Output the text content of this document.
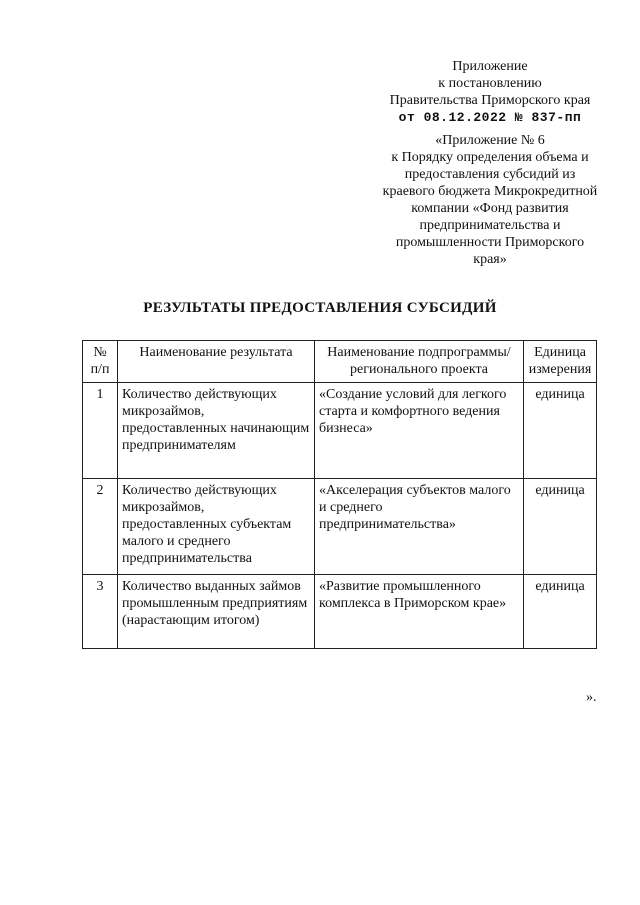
Приложение
к постановлению
Правительства Приморского края
от 08.12.2022 № 837-пп
«Приложение № 6
к Порядку определения объема и
предоставления субсидий из
краевого бюджета Микрокредитной
компании «Фонд развития
предпринимательства и
промышленности Приморского
края»
РЕЗУЛЬТАТЫ ПРЕДОСТАВЛЕНИЯ СУБСИДИЙ
№ п/п	Наименование результата	Наименование подпрограммы/регионального проекта	Единица измерения
1	Количество действующих микрозаймов, предоставленных начинающим предпринимателям	«Создание условий для легкого старта и комфортного ведения бизнеса»	единица
2	Количество действующих микрозаймов, предоставленных субъектам малого и среднего предпринимательства	«Акселерация субъектов малого и среднего предпринимательства»	единица
3	Количество выданных займов промышленным предприятиям (нарастающим итогом)	«Развитие промышленного комплекса в Приморском крае»	единица
».
